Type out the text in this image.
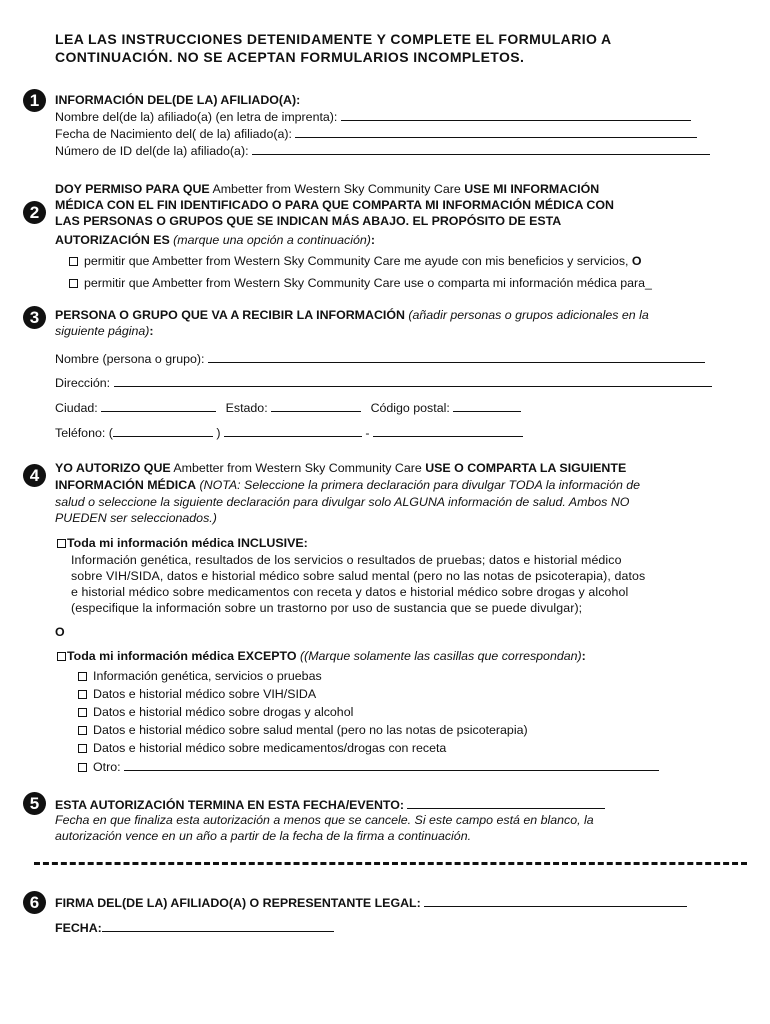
LEA LAS INSTRUCCIONES DETENIDAMENTE Y COMPLETE EL FORMULARIO A
CONTINUACIÓN. NO SE ACEPTAN FORMULARIOS INCOMPLETOS.
1	INFORMACIÓN DEL(DE LA) AFILIADO(A):
Nombre del(de la) afiliado(a) (en letra de imprenta):
Fecha de Nacimiento del( de la) afiliado(a):
Número de ID del(de la) afiliado(a):
2
DOY PERMISO PARA QUE Ambetter from Western Sky Community Care USE MI INFORMACIÓN
MÉDICA CON EL FIN IDENTIFICADO O PARA QUE COMPARTA MI INFORMACIÓN MÉDICA CON
LAS PERSONAS O GRUPOS QUE SE INDICAN MÁS ABAJO. EL PROPÓSITO DE ESTA
AUTORIZACIÓN ES (marque una opción a continuación):
permitir que Ambetter from Western Sky Community Care me ayude con mis beneficios y servicios, O
permitir que Ambetter from Western Sky Community Care use o comparta mi información médica para_
3	PERSONA O GRUPO QUE VA A RECIBIR LA INFORMACIÓN (añadir personas o grupos adicionales en la
siguiente página):
Nombre (persona o grupo):
Dirección:
Ciudad:	Estado:	Código postal:
Teléfono: (	)	-
4	YO AUTORIZO QUE Ambetter from Western Sky Community Care USE O COMPARTA LA SIGUIENTE
INFORMACIÓN MÉDICA (NOTA: Seleccione la primera declaración para divulgar TODA la información de
salud o seleccione la siguiente declaración para divulgar solo ALGUNA información de salud. Ambos NO
PUEDEN ser seleccionados.)
Toda mi información médica INCLUSIVE:
Información genética, resultados de los servicios o resultados de pruebas; datos e historial médico
sobre VIH/SIDA, datos e historial médico sobre salud mental (pero no las notas de psicoterapia), datos
e historial médico sobre medicamentos con receta y datos e historial médico sobre drogas y alcohol
(especifique la información sobre un trastorno por uso de sustancia que se puede divulgar);
O
Toda mi información médica EXCEPTO ((Marque solamente las casillas que correspondan):
Información genética, servicios o pruebas
Datos e historial médico sobre VIH/SIDA
Datos e historial médico sobre drogas y alcohol
Datos e historial médico sobre salud mental (pero no las notas de psicoterapia)
Datos e historial médico sobre medicamentos/drogas con receta
Otro:
5	ESTA AUTORIZACIÓN TERMINA EN ESTA FECHA/EVENTO:
Fecha en que finaliza esta autorización a menos que se cancele. Si este campo está en blanco, la
autorización vence en un año a partir de la fecha de la firma a continuación.
6	FIRMA DEL(DE LA) AFILIADO(A) O REPRESENTANTE LEGAL:
FECHA:
